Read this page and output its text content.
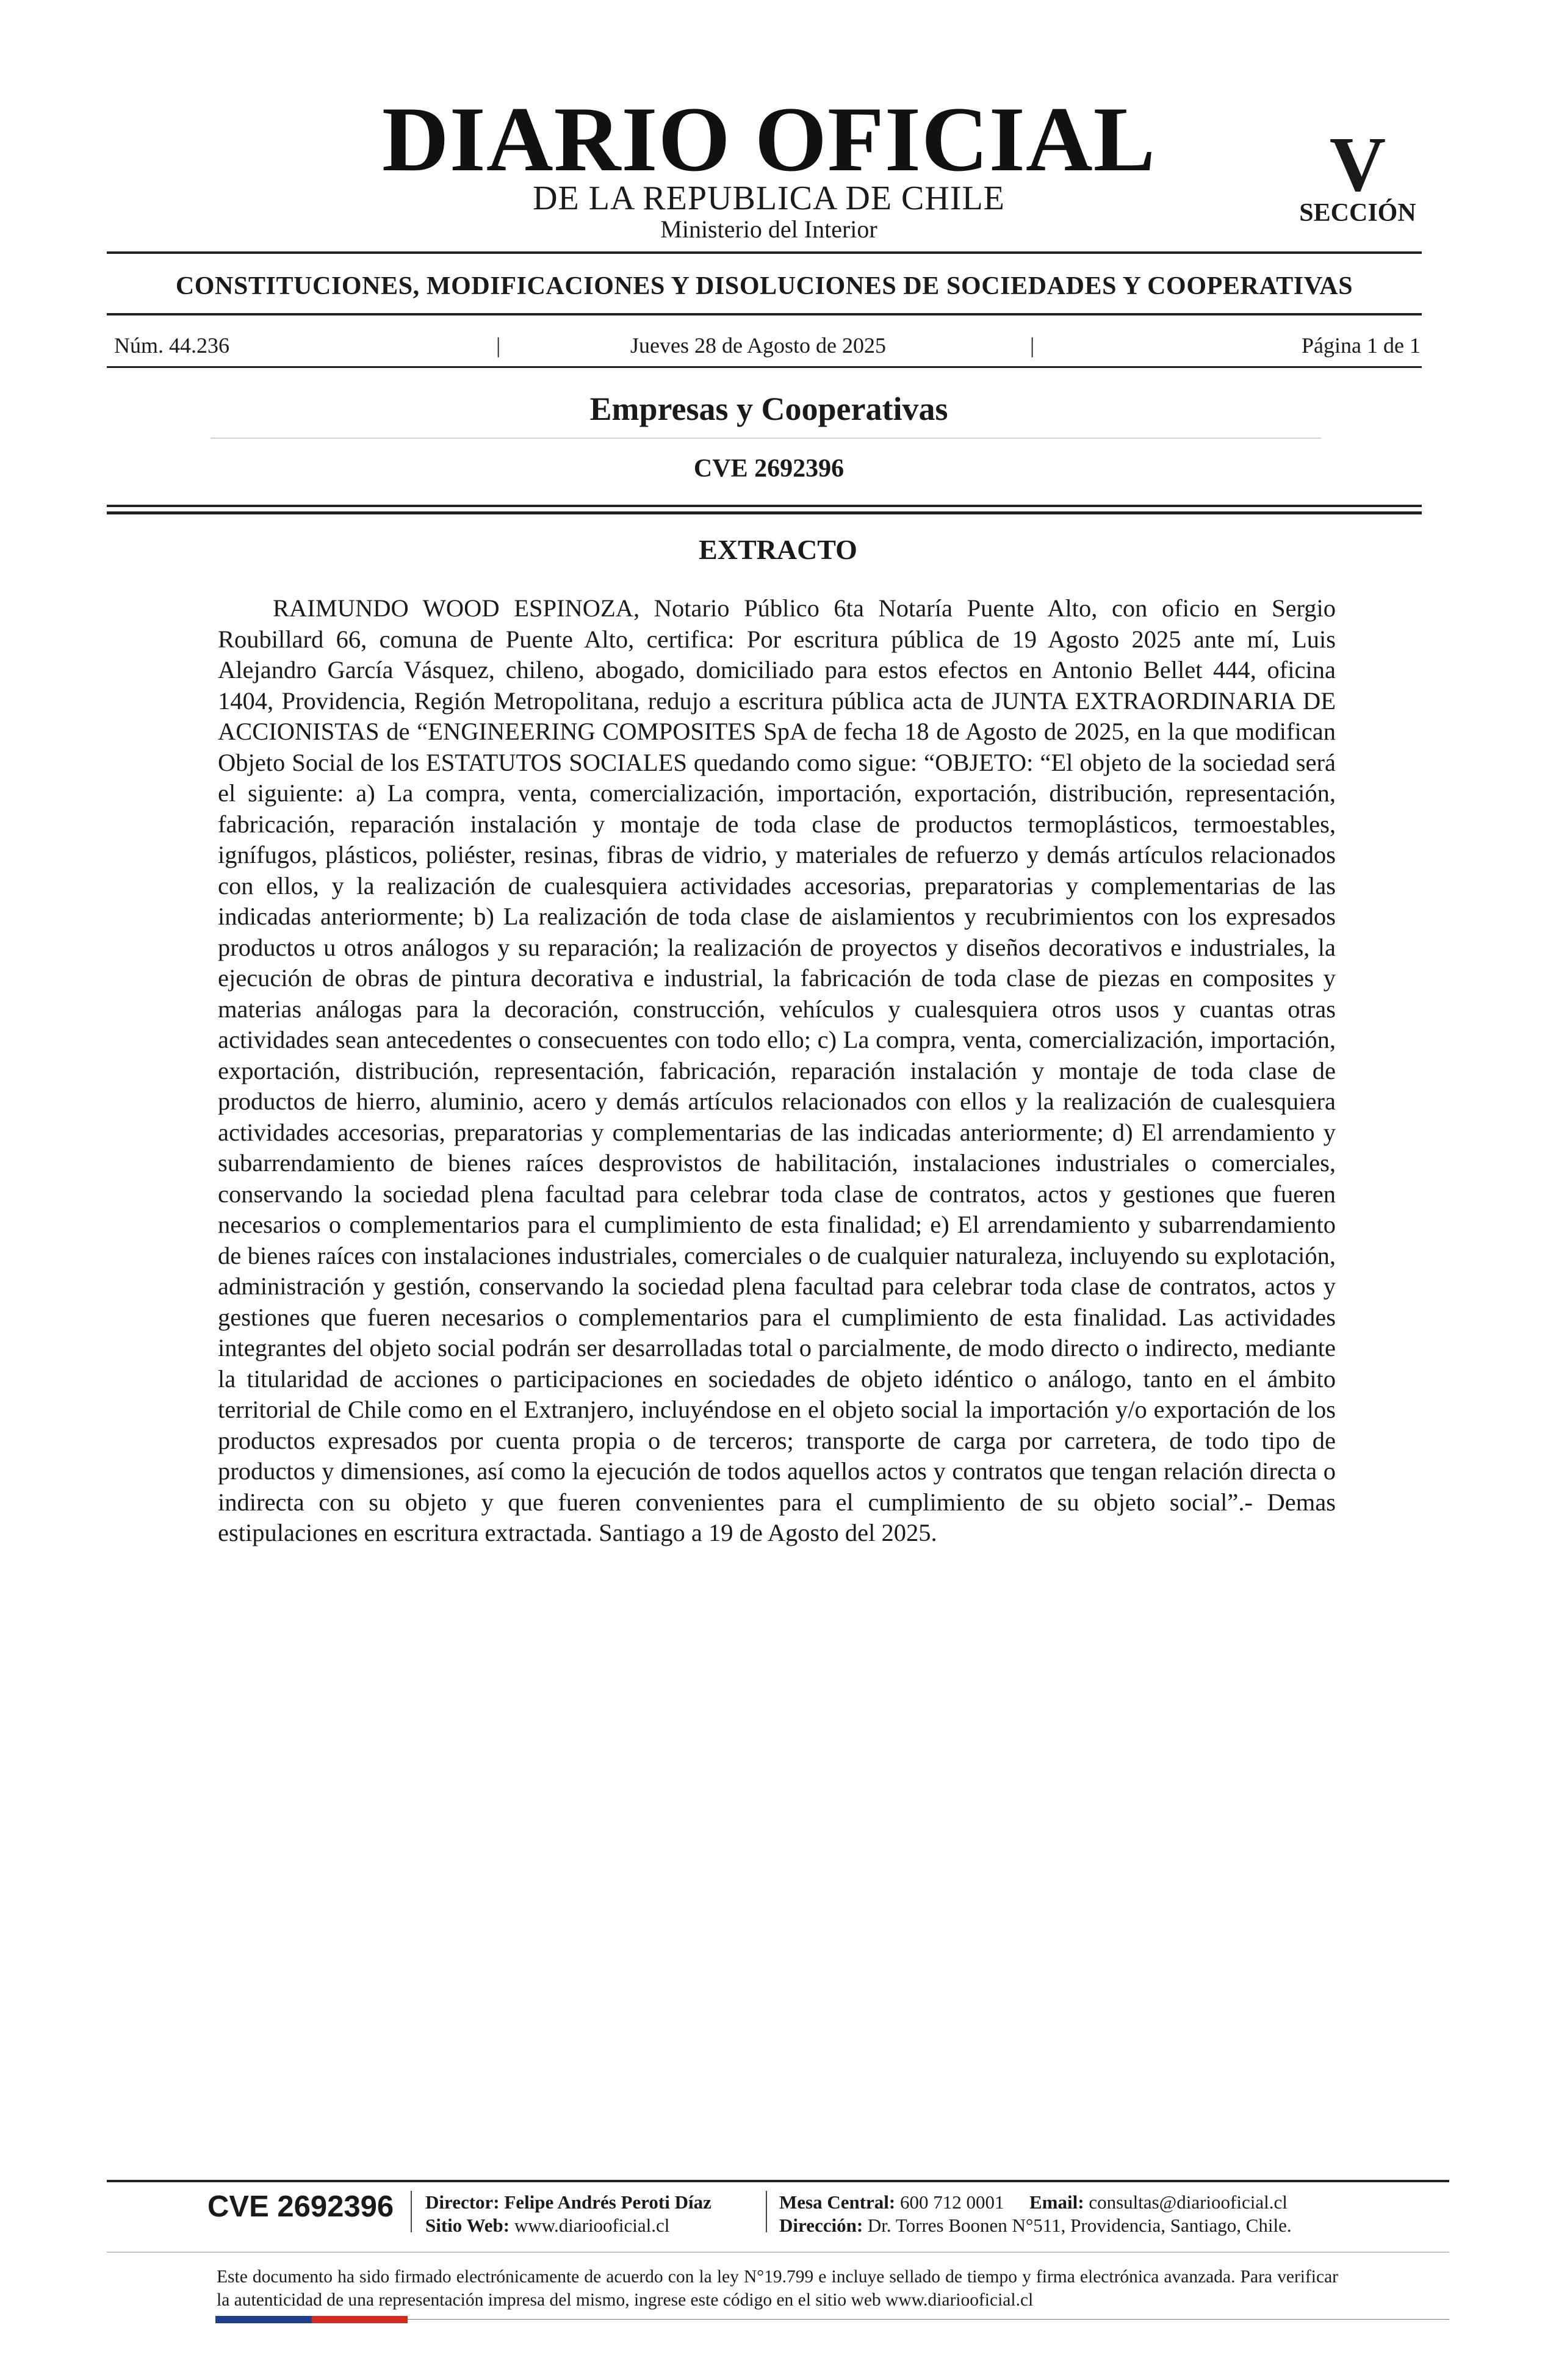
DIARIO OFICIAL
DE LA REPUBLICA DE CHILE
Ministerio del Interior
V
SECCIÓN
CONSTITUCIONES, MODIFICACIONES Y DISOLUCIONES DE SOCIEDADES Y COOPERATIVAS
Núm. 44.236	|	Jueves 28 de Agosto de 2025	|	Página 1 de 1
Empresas y Cooperativas
CVE 2692396
EXTRACTO
RAIMUNDO WOOD ESPINOZA, Notario Público 6ta Notaría Puente Alto, con oficio en Sergio Roubillard 66, comuna de Puente Alto, certifica: Por escritura pública de 19 Agosto 2025 ante mí, Luis Alejandro García Vásquez, chileno, abogado, domiciliado para estos efectos en Antonio Bellet 444, oficina 1404, Providencia, Región Metropolitana, redujo a escritura pública acta de JUNTA EXTRAORDINARIA DE ACCIONISTAS de “ENGINEERING COMPOSITES SpA de fecha 18 de Agosto de 2025, en la que modifican Objeto Social de los ESTATUTOS SOCIALES quedando como sigue: “OBJETO: “El objeto de la sociedad será el siguiente: a) La compra, venta, comercialización, importación, exportación, distribución, representación, fabricación, reparación instalación y montaje de toda clase de productos termoplásticos, termoestables, ignífugos, plásticos, poliéster, resinas, fibras de vidrio, y materiales de refuerzo y demás artículos relacionados con ellos, y la realización de cualesquiera actividades accesorias, preparatorias y complementarias de las indicadas anteriormente; b) La realización de toda clase de aislamientos y recubrimientos con los expresados productos u otros análogos y su reparación; la realización de proyectos y diseños decorativos e industriales, la ejecución de obras de pintura decorativa e industrial, la fabricación de toda clase de piezas en composites y materias análogas para la decoración, construcción, vehículos y cualesquiera otros usos y cuantas otras actividades sean antecedentes o consecuentes con todo ello; c) La compra, venta, comercialización, importación, exportación, distribución, representación, fabricación, reparación instalación y montaje de toda clase de productos de hierro, aluminio, acero y demás artículos relacionados con ellos y la realización de cualesquiera actividades accesorias, preparatorias y complementarias de las indicadas anteriormente; d) El arrendamiento y subarrendamiento de bienes raíces desprovistos de habilitación, instalaciones industriales o comerciales, conservando la sociedad plena facultad para celebrar toda clase de contratos, actos y gestiones que fueren necesarios o complementarios para el cumplimiento de esta finalidad; e) El arrendamiento y subarrendamiento de bienes raíces con instalaciones industriales, comerciales o de cualquier naturaleza, incluyendo su explotación, administración y gestión, conservando la sociedad plena facultad para celebrar toda clase de contratos, actos y gestiones que fueren necesarios o complementarios para el cumplimiento de esta finalidad. Las actividades integrantes del objeto social podrán ser desarrolladas total o parcialmente, de modo directo o indirecto, mediante la titularidad de acciones o participaciones en sociedades de objeto idéntico o análogo, tanto en el ámbito territorial de Chile como en el Extranjero, incluyéndose en el objeto social la importación y/o exportación de los productos expresados por cuenta propia o de terceros; transporte de carga por carretera, de todo tipo de productos y dimensiones, así como la ejecución de todos aquellos actos y contratos que tengan relación directa o indirecta con su objeto y que fueren convenientes para el cumplimiento de su objeto social”.- Demas estipulaciones en escritura extractada. Santiago a 19 de Agosto del 2025.
CVE 2692396	Director: Felipe Andrés Peroti Díaz
Sitio Web: www.diariooficial.cl
Mesa Central: 600 712 0001 Email: consultas@diariooficial.cl
Dirección: Dr. Torres Boonen N°511, Providencia, Santiago, Chile.
Este documento ha sido firmado electrónicamente de acuerdo con la ley N°19.799 e incluye sellado de tiempo y firma electrónica avanzada. Para verificar la autenticidad de una representación impresa del mismo, ingrese este código en el sitio web www.diariooficial.cl
